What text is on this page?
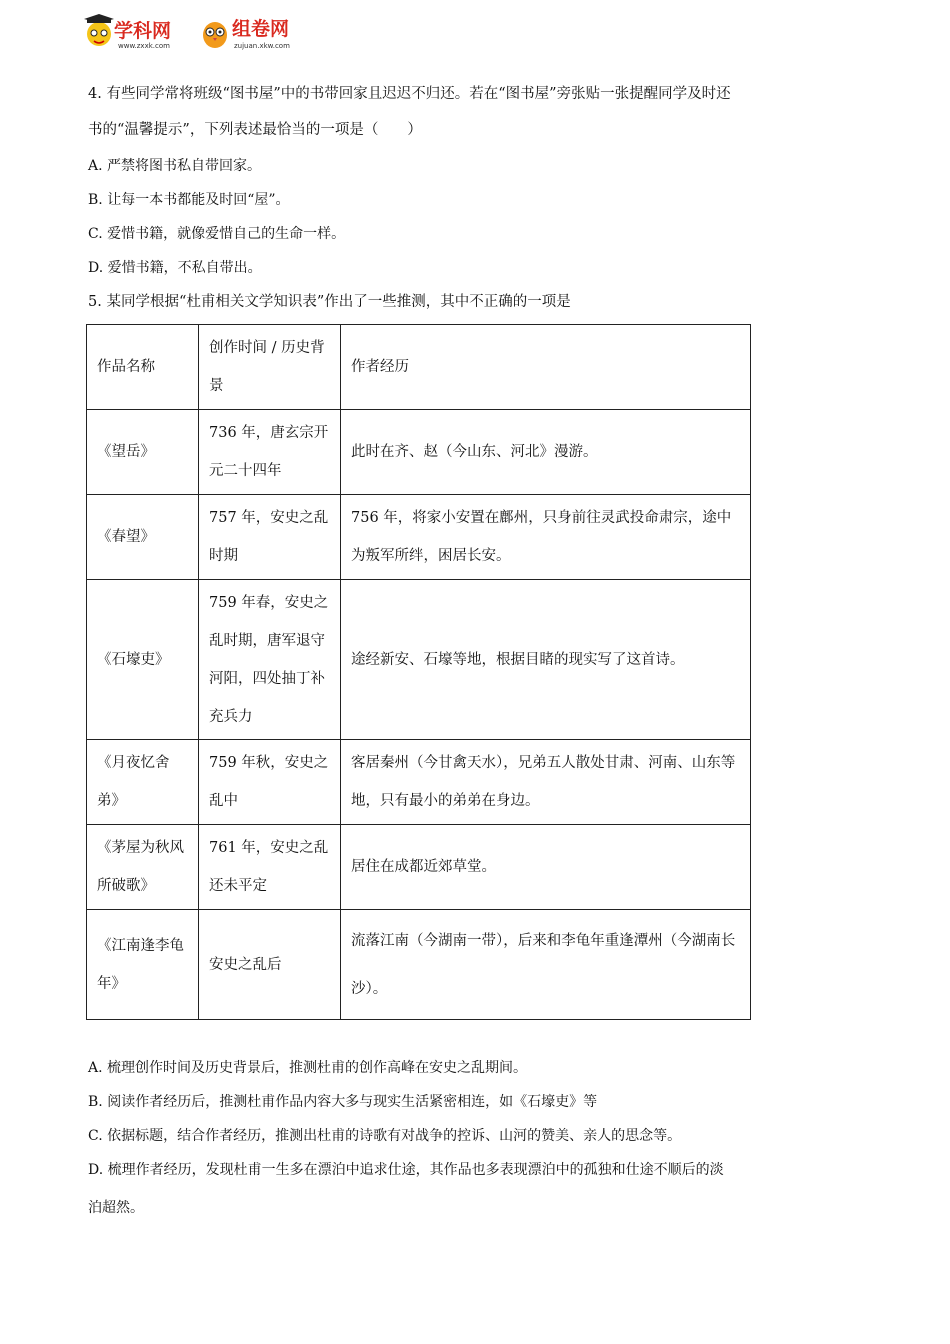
学科网
www.zxxk.com
组卷网
zujuan.xkw.com
4. 有些同学常将班级“图书屋”中的书带回家且迟迟不归还。若在“图书屋”旁张贴一张提醒同学及时还
书的“温馨提示”，下列表述最恰当的一项是（　　）
A. 严禁将图书私自带回家。
B. 让每一本书都能及时回“屋”。
C. 爱惜书籍，就像爱惜自己的生命一样。
D. 爱惜书籍，不私自带出。
5. 某同学根据“杜甫相关文学知识表”作出了一些推测，其中不正确的一项是
作品名称	创作时间 / 历史背景	作者经历

《望岳》	736 年，唐玄宗开元二十四年	此时在齐、赵（今山东、河北》漫游。

《春望》	757 年，安史之乱时期	756 年，将家小安置在鄜州，只身前往灵武投命肃宗，途中为叛军所绊，困居长安。

《石壕吏》	759 年春，安史之乱时期，唐军退守河阳，四处抽丁补充兵力	途经新安、石壕等地，根据目睹的现实写了这首诗。

《月夜忆舍弟》	759 年秋，安史之乱中	客居秦州（今甘禽天水），兄弟五人散处甘肃、河南、山东等地，只有最小的弟弟在身边。

《茅屋为秋风所破歌》	761 年，安史之乱还未平定	居住在成都近郊草堂。

《江南逢李龟年》	安史之乱后	流落江南（今湖南一带），后来和李龟年重逢潭州（今湖南长沙）。
A. 梳理创作时间及历史背景后，推测杜甫的创作高峰在安史之乱期间。
B. 阅读作者经历后，推测杜甫作品内容大多与现实生活紧密相连，如《石壕吏》等
C. 依据标题，结合作者经历，推测出杜甫的诗歌有对战争的控诉、山河的赞美、亲人的思念等。
D. 梳理作者经历，发现杜甫一生多在漂泊中追求仕途，其作品也多表现漂泊中的孤独和仕途不顺后的淡
泊超然。
